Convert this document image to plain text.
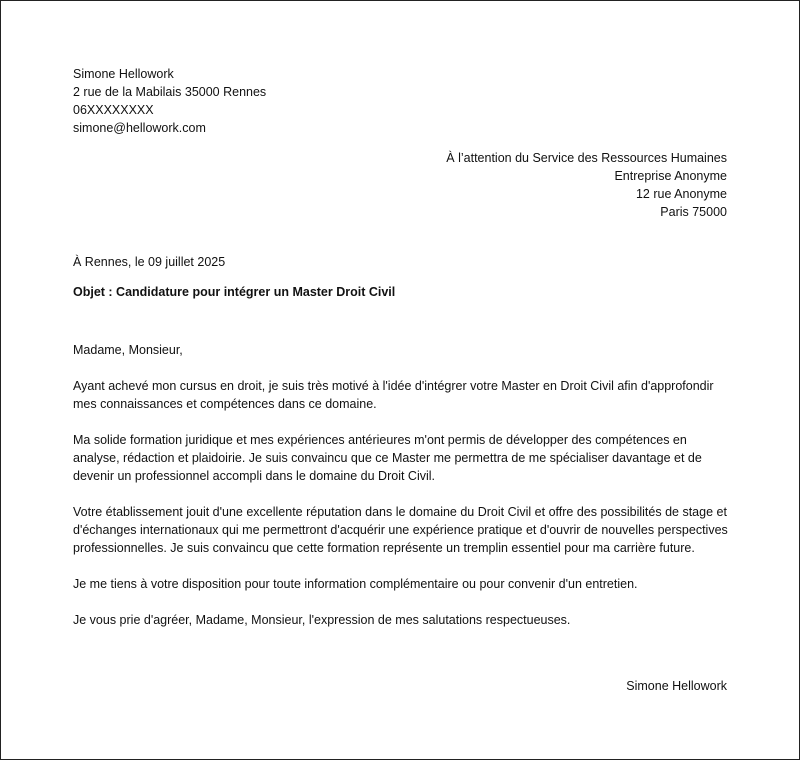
Simone Hellowork
2 rue de la Mabilais 35000 Rennes
06XXXXXXXX
simone@hellowork.com
À l’attention du Service des Ressources Humaines
Entreprise Anonyme
12 rue Anonyme
Paris 75000
À Rennes, le 09 juillet 2025
Objet : Candidature pour intégrer un Master Droit Civil

Madame, Monsieur,

Ayant achevé mon cursus en droit, je suis très motivé à l'idée d'intégrer votre Master en Droit Civil afin d'approfondir mes connaissances et compétences dans ce domaine.

Ma solide formation juridique et mes expériences antérieures m'ont permis de développer des compétences en analyse, rédaction et plaidoirie. Je suis convaincu que ce Master me permettra de me spécialiser davantage et de devenir un professionnel accompli dans le domaine du Droit Civil.

Votre établissement jouit d'une excellente réputation dans le domaine du Droit Civil et offre des possibilités de stage et d'échanges internationaux qui me permettront d'acquérir une expérience pratique et d'ouvrir de nouvelles perspectives professionnelles. Je suis convaincu que cette formation représente un tremplin essentiel pour ma carrière future.

Je me tiens à votre disposition pour toute information complémentaire ou pour convenir d'un entretien.

Je vous prie d'agréer, Madame, Monsieur, l'expression de mes salutations respectueuses.

Simone Hellowork
